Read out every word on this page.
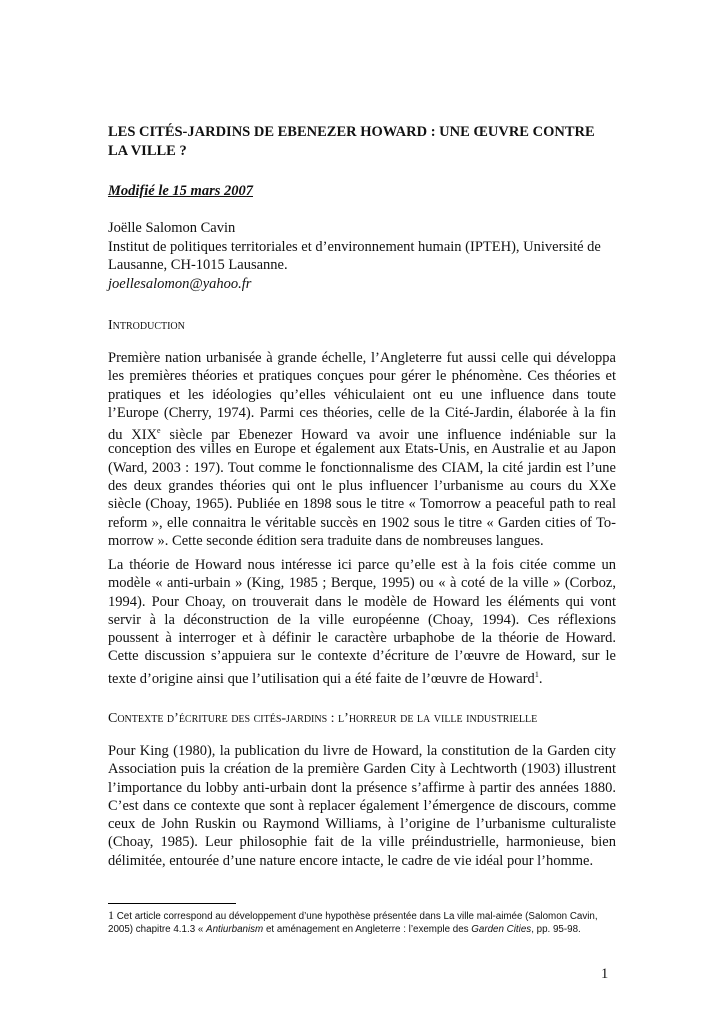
LES CITÉS-JARDINS DE EBENEZER HOWARD : UNE ŒUVRE CONTRE
LA VILLE ?
Modifié le 15 mars 2007
Joëlle Salomon Cavin
Institut de politiques territoriales et d’environnement humain (IPTEH), Université de
Lausanne, CH-1015 Lausanne.
joellesalomon@yahoo.fr
Introduction
Première nation urbanisée à grande échelle, l’Angleterre fut aussi celle qui développa
les premières théories et pratiques conçues pour gérer le phénomène. Ces théories et
pratiques et les idéologies qu’elles véhiculaient ont eu une influence dans toute
l’Europe (Cherry, 1974). Parmi ces théories, celle de la Cité-Jardin, élaborée à la fin
du XIXe siècle par Ebenezer Howard va avoir une influence indéniable sur la
conception des villes en Europe et également aux Etats-Unis, en Australie et au Japon
(Ward, 2003 : 197). Tout comme le fonctionnalisme des CIAM, la cité jardin est l’une
des deux grandes théories qui ont le plus influencer l’urbanisme au cours du XXe
siècle (Choay, 1965). Publiée en 1898 sous le titre « Tomorrow a peaceful path to real
reform », elle connaitra le véritable succès en 1902 sous le titre « Garden cities of To-
morrow ». Cette seconde édition sera traduite dans de nombreuses langues.
La théorie de Howard nous intéresse ici parce qu’elle est à la fois citée comme un
modèle « anti-urbain » (King, 1985 ; Berque, 1995) ou « à coté de la ville » (Corboz,
1994). Pour Choay, on trouverait dans le modèle de Howard les éléments qui vont
servir à la déconstruction de la ville européenne (Choay, 1994). Ces réflexions
poussent à interroger et à définir le caractère urbaphobe de la théorie de Howard.
Cette discussion s’appuiera sur le contexte d’écriture de l’œuvre de Howard, sur le
texte d’origine ainsi que l’utilisation qui a été faite de l’œuvre de Howard$^1$.
Contexte d’écriture des cités-jardins : l’horreur de la ville industrielle
Pour King (1980), la publication du livre de Howard, la constitution de la Garden city
Association puis la création de la première Garden City à Lechtworth (1903) illustrent
l’importance du lobby anti-urbain dont la présence s’affirme à partir des années 1880.
C’est dans ce contexte que sont à replacer également l’émergence de discours, comme
ceux de John Ruskin ou Raymond Williams, à l’origine de l’urbanisme culturaliste
(Choay, 1985). Leur philosophie fait de la ville préindustrielle, harmonieuse, bien
délimitée, entourée d’une nature encore intacte, le cadre de vie idéal pour l’homme.
1 Cet article correspond au développement d’une hypothèse présentée dans La ville mal-aimée (Salomon Cavin, 2005) chapitre 4.1.3 « Antiurbanism et aménagement en Angleterre : l’exemple des Garden Cities, pp. 95-98.
1
